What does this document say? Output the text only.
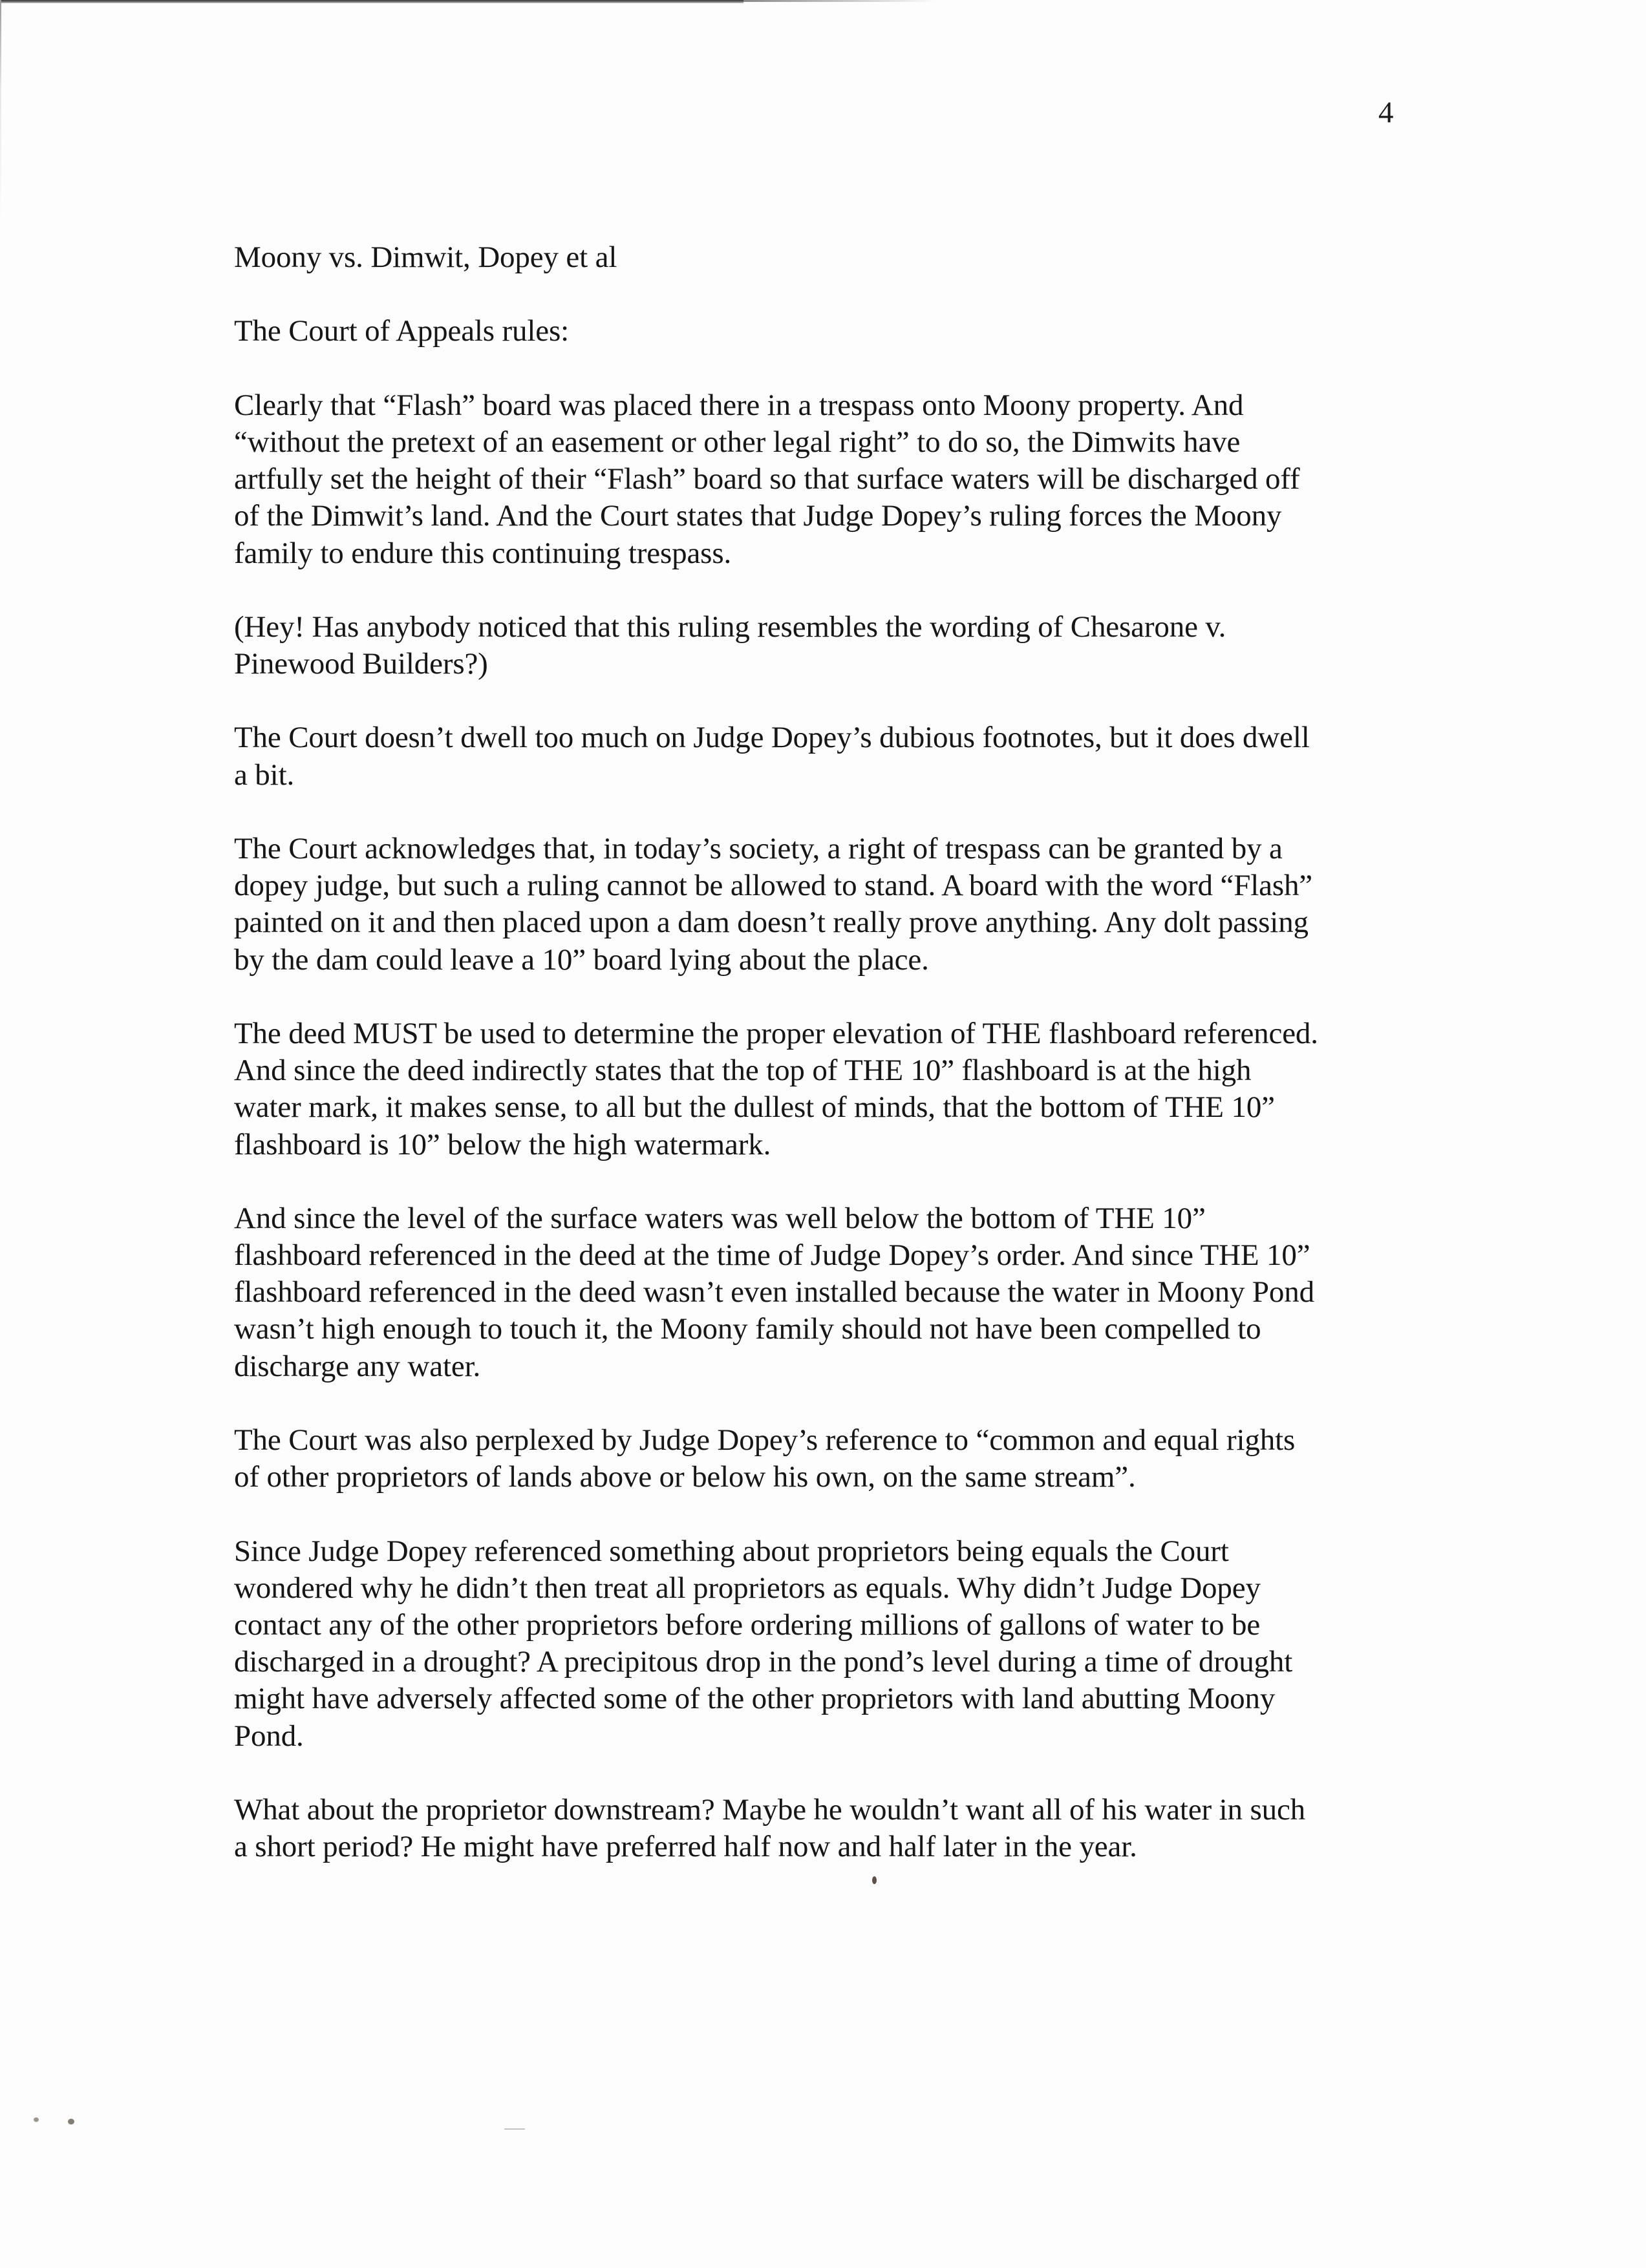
4

Moony vs. Dimwit, Dopey et al
The Court of Appeals rules:
Clearly that “Flash” board was placed there in a trespass onto Moony property. And
“without the pretext of an easement or other legal right” to do so, the Dimwits have
artfully set the height of their “Flash” board so that surface waters will be discharged off
of the Dimwit’s land. And the Court states that Judge Dopey’s ruling forces the Moony
family to endure this continuing trespass.
(Hey! Has anybody noticed that this ruling resembles the wording of Chesarone v.
Pinewood Builders?)
The Court doesn’t dwell too much on Judge Dopey’s dubious footnotes, but it does dwell
a bit.
The Court acknowledges that, in today’s society, a right of trespass can be granted by a
dopey judge, but such a ruling cannot be allowed to stand. A board with the word “Flash”
painted on it and then placed upon a dam doesn’t really prove anything. Any dolt passing
by the dam could leave a 10” board lying about the place.
The deed MUST be used to determine the proper elevation of THE flashboard referenced.
And since the deed indirectly states that the top of THE 10” flashboard is at the high
water mark, it makes sense, to all but the dullest of minds, that the bottom of THE 10”
flashboard is 10” below the high watermark.
And since the level of the surface waters was well below the bottom of THE 10”
flashboard referenced in the deed at the time of Judge Dopey’s order. And since THE 10”
flashboard referenced in the deed wasn’t even installed because the water in Moony Pond
wasn’t high enough to touch it, the Moony family should not have been compelled to
discharge any water.
The Court was also perplexed by Judge Dopey’s reference to “common and equal rights
of other proprietors of lands above or below his own, on the same stream”.
Since Judge Dopey referenced something about proprietors being equals the Court
wondered why he didn’t then treat all proprietors as equals. Why didn’t Judge Dopey
contact any of the other proprietors before ordering millions of gallons of water to be
discharged in a drought? A precipitous drop in the pond’s level during a time of drought
might have adversely affected some of the other proprietors with land abutting Moony
Pond.
What about the proprietor downstream? Maybe he wouldn’t want all of his water in such
a short period? He might have preferred half now and half later in the year.
